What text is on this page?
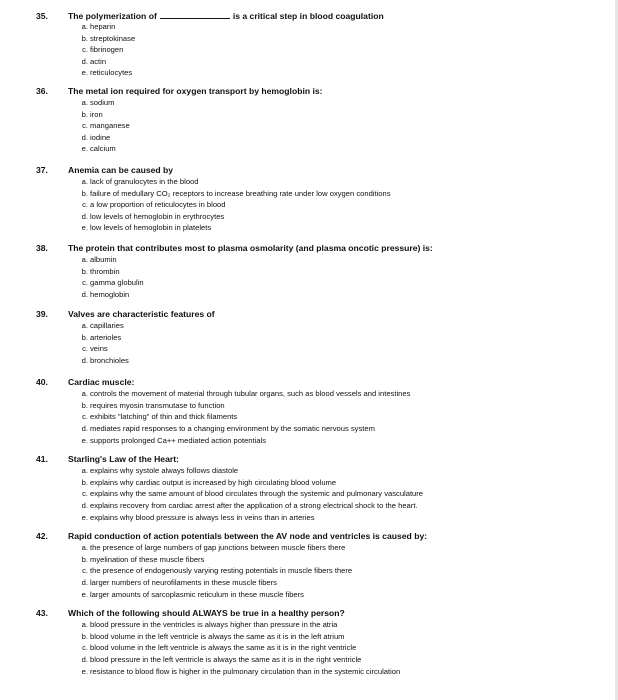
35. The polymerization of	is a critical step in blood coagulation
a. heparin
b. streptokinase
c. fibrinogen
d. actin
e. reticulocytes
36. The metal ion required for oxygen transport by hemoglobin is:
a. sodium
b. iron
c. manganese
d. iodine
e. calcium
37. Anemia can be caused by
a. lack of granulocytes in the blood
b. failure of medullary CO₂ receptors to increase breathing rate under low oxygen conditions
c. a low proportion of reticulocytes in blood
d. low levels of hemoglobin in erythrocytes
e. low levels of hemoglobin in platelets
38. The protein that contributes most to plasma osmolarity (and plasma oncotic pressure) is:
a. albumin
b. thrombin
c. gamma globulin
d. hemoglobin
39. Valves are characteristic features of
a. capillaries
b. arterioles
c. veins
d. bronchioles
40. Cardiac muscle:
a. controls the movement of material through tubular organs, such as blood vessels and intestines
b. requires myosin transmutase to function
c. exhibits "latching" of thin and thick filaments
d. mediates rapid responses to a changing environment by the somatic nervous system
e. supports prolonged Ca++ mediated action potentials
41. Starling's Law of the Heart:
a. explains why systole always follows diastole
b. explains why cardiac output is increased by high circulating blood volume
c. explains why the same amount of blood circulates through the systemic and pulmonary vasculature
d. explains recovery from cardiac arrest after the application of a strong electrical shock to the heart.
e. explains why blood pressure is always less in veins than in arteries
42. Rapid conduction of action potentials between the AV node and ventricles is caused by:
a. the presence of large numbers of gap junctions between muscle fibers there
b. myelination of these muscle fibers
c. the presence of endogenously varying resting potentials in muscle fibers there
d. larger numbers of neurofilaments in these muscle fibers
e. larger amounts of sarcoplasmic reticulum in these muscle fibers
43. Which of the following should ALWAYS be true in a healthy person?
a. blood pressure in the ventricles is always higher than pressure in the atria
b. blood volume in the left ventricle is always the same as it is in the left atrium
c. blood volume in the left ventricle is always the same as it is in the right ventricle
d. blood pressure in the left ventricle is always the same as it is in the right ventricle
e. resistance to blood flow is higher in the pulmonary circulation than in the systemic circulation
